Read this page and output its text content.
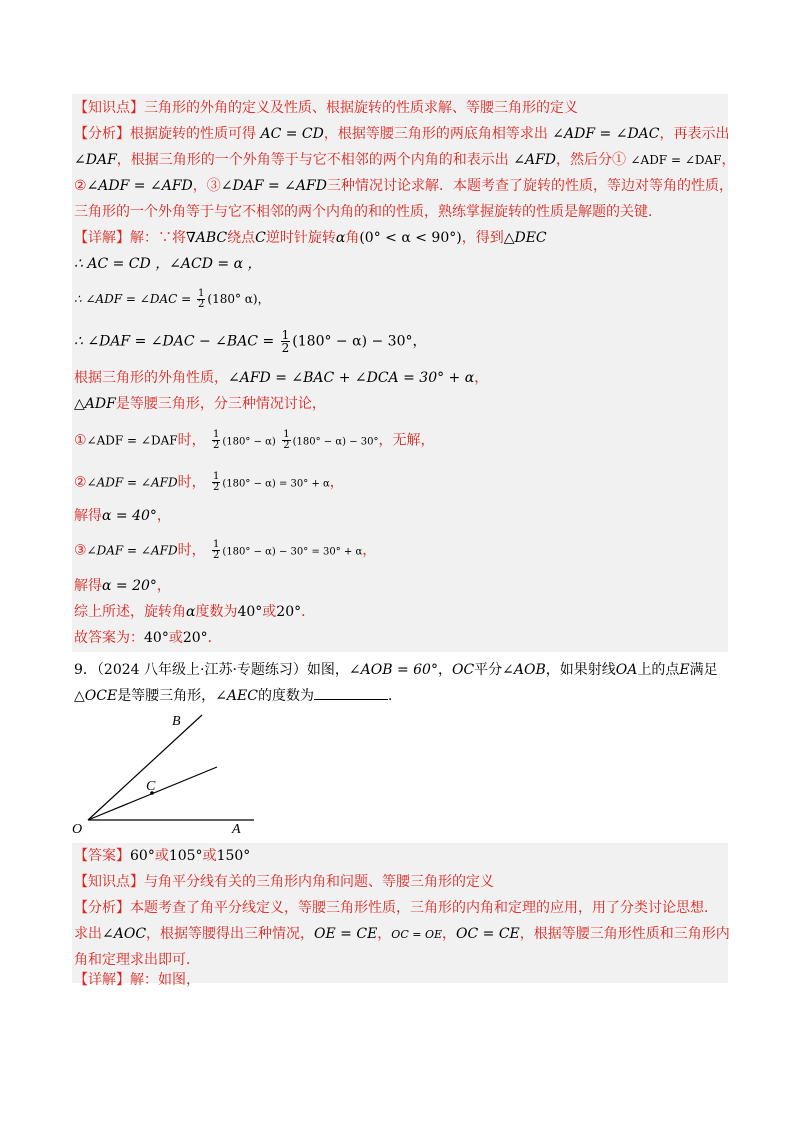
【知识点】三角形的外角的定义及性质、根据旋转的性质求解、等腰三角形的定义
【分析】根据旋转的性质可得 AC = CD，根据等腰三角形的两底角相等求出 ∠ADF = ∠DAC，再表示出
∠DAF，根据三角形的一个外角等于与它不相邻的两个内角的和表示出 ∠AFD，然后分① ∠ADF = ∠DAF，
②∠ADF = ∠AFD，③∠DAF = ∠AFD三种情况讨论求解．本题考查了旋转的性质，等边对等角的性质，
三角形的一个外角等于与它不相邻的两个内角的和的性质，熟练掌握旋转的性质是解题的关键．
【详解】解：∵将∇ABC绕点C逆时针旋转α角(0° < α < 90°)，得到△DEC
∴ AC = CD ，∠ACD = α ，
∴ ∠ADF = ∠DAC = $\frac{1}{2} (180^\circ$ α)，
∴ ∠DAF = ∠DAC − ∠BAC = $\frac{1}{2} (180^\circ - \alpha) - 30^\circ$，
根据三角形的外角性质，∠AFD = ∠BAC + ∠DCA = 30° + α，
△ADF是等腰三角形，分三种情况讨论，
①∠ADF = ∠DAF时， $\frac{1}{2} (180^\circ - \alpha) \frac{1}{2} (180^\circ - \alpha) - 30^\circ$，无解，
②∠ADF = ∠AFD时， $\frac{1}{2} (180^\circ - \alpha) = 30^\circ + \alpha$，
解得α = 40°，
③∠DAF = ∠AFD时， $\frac{1}{2} (180^\circ - \alpha) - 30^\circ = 30^\circ + \alpha$，
解得α = 20°，
综上所述，旋转角α度数为40°或20°．
故答案为：40°或20°．
9．（2024 八年级上·江苏·专题练习）如图，∠AOB = 60°，OC平分∠AOB，如果射线OA上的点E满足
△OCE是等腰三角形，∠AEC的度数为	．
B
C
O	A
【答案】60°或105°或150°
【知识点】与角平分线有关的三角形内角和问题、等腰三角形的定义
【分析】本题考查了角平分线定义，等腰三角形性质，三角形的内角和定理的应用，用了分类讨论思想．
求出∠AOC，根据等腰得出三种情况，OE = CE，OC = OE，OC = CE，根据等腰三角形性质和三角形内
角和定理求出即可．
【详解】解：如图，
